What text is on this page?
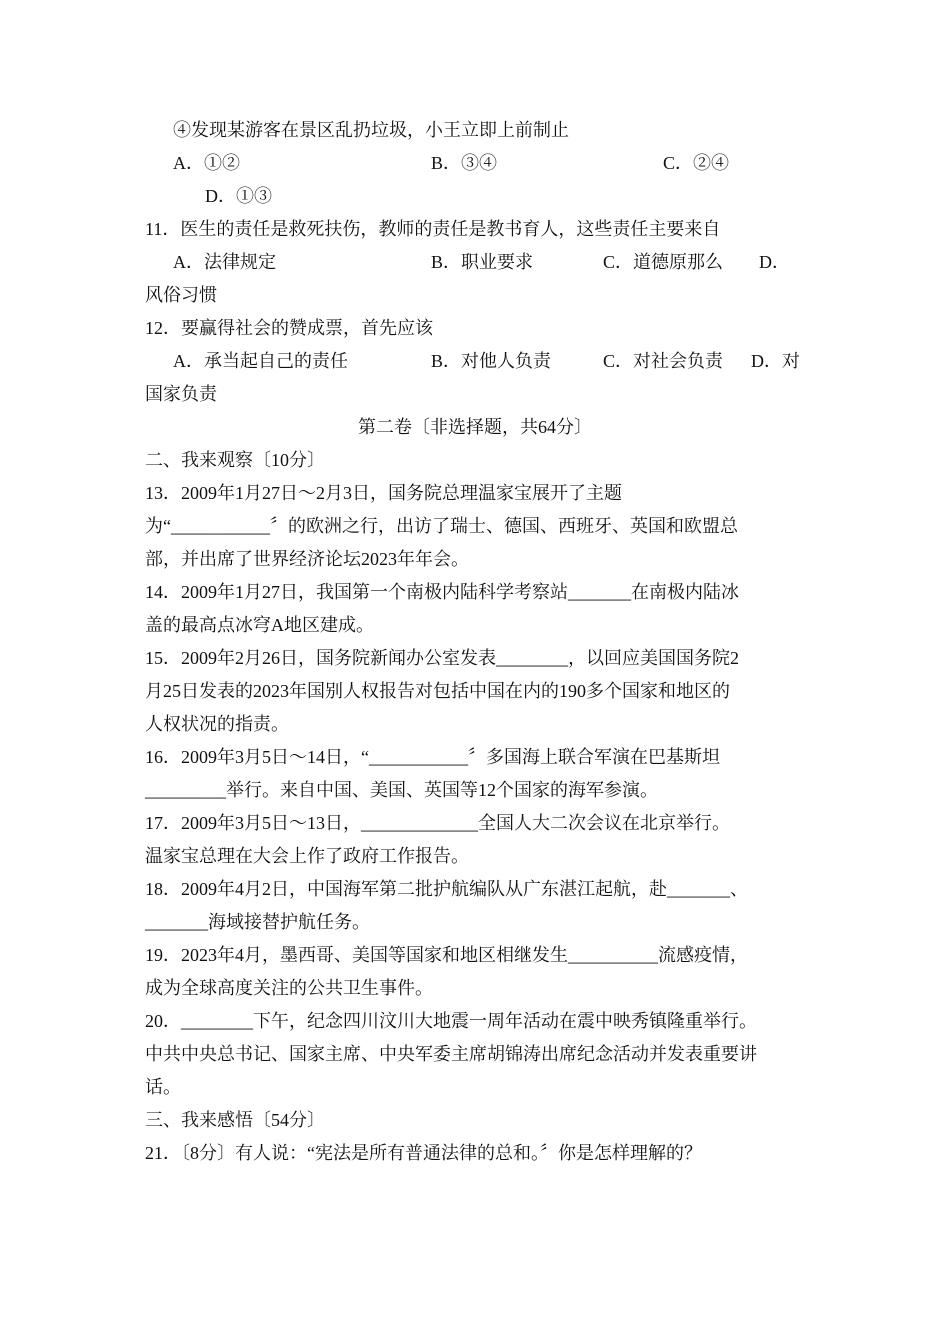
④发现某游客在景区乱扔垃圾，小王立即上前制止
A．①②	B．③④	C．②④
D．①③
11．医生的责任是救死扶伤，教师的责任是教书育人，这些责任主要来自
A．法律规定	B．职业要求	C．道德原那么 D．
风俗习惯
12．要赢得社会的赞成票，首先应该
A．承当起自己的责任	B．对他人负责	C．对社会负责 D．对
国家负责
第二卷〔非选择题，共64分〕
二、我来观察〔10分〕
13．2009年1月27日～2月3日，国务院总理温家宝展开了主题
为“___________〞的欧洲之行，出访了瑞士、德国、西班牙、英国和欧盟总
部，并出席了世界经济论坛2023年年会。
14．2009年1月27日，我国第一个南极内陆科学考察站_______在南极内陆冰
盖的最高点冰穹A地区建成。
15．2009年2月26日，国务院新闻办公室发表________，以回应美国国务院2
月25日发表的2023年国别人权报告对包括中国在内的190多个国家和地区的
人权状况的指责。
16．2009年3月5日～14日，“___________〞多国海上联合军演在巴基斯坦
_________举行。来自中国、美国、英国等12个国家的海军参演。
17．2009年3月5日～13日，_____________全国人大二次会议在北京举行。
温家宝总理在大会上作了政府工作报告。
18．2009年4月2日，中国海军第二批护航编队从广东湛江起航，赴_______、
_______海域接替护航任务。
19．2023年4月，墨西哥、美国等国家和地区相继发生__________流感疫情，
成为全球高度关注的公共卫生事件。
20．________下午，纪念四川汶川大地震一周年活动在震中映秀镇隆重举行。
中共中央总书记、国家主席、中央军委主席胡锦涛出席纪念活动并发表重要讲
话。
三、我来感悟〔54分〕
21．〔8分〕有人说：“宪法是所有普通法律的总和。〞你是怎样理解的？
